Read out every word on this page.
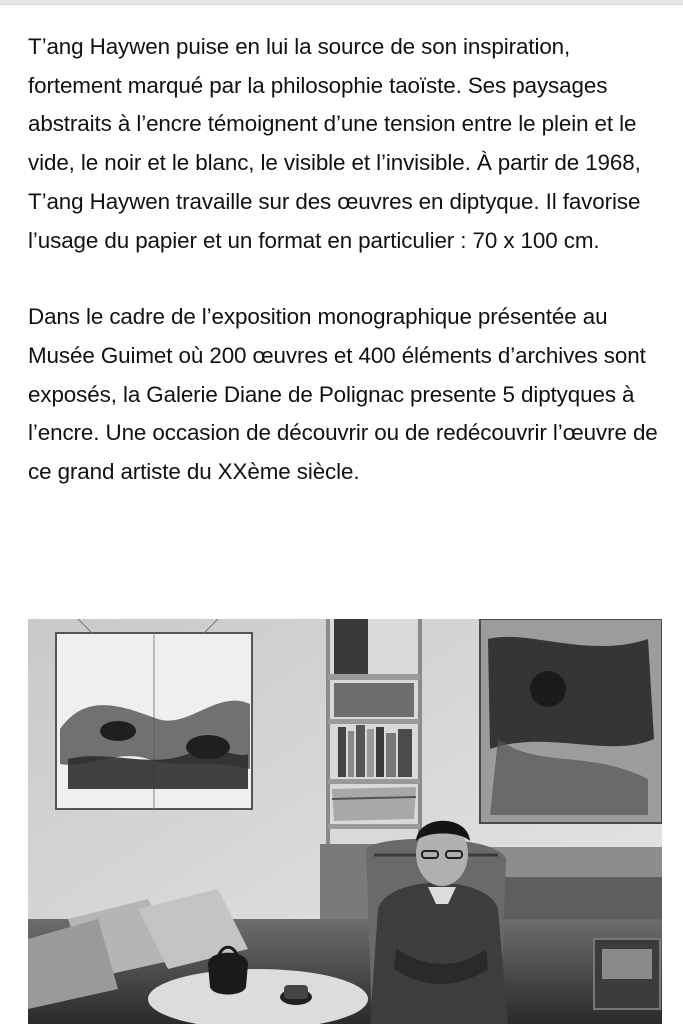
T’ang Haywen puise en lui la source de son inspiration, fortement marqué par la philosophie taoïste. Ses paysages abstraits à l’encre témoignent d’une tension entre le plein et le vide, le noir et le blanc, le visible et l’invisible. À partir de 1968, T’ang Haywen travaille sur des œuvres en diptyque. Il favorise l’usage du papier et un format en particulier : 70 x 100 cm.

Dans le cadre de l’exposition monographique présentée au Musée Guimet où 200 œuvres et 400 éléments d’archives sont exposés, la Galerie Diane de Polignac presente 5 diptyques à l’encre. Une occasion de découvrir ou de redécouvrir l’œuvre de ce grand artiste du XXème siècle.
